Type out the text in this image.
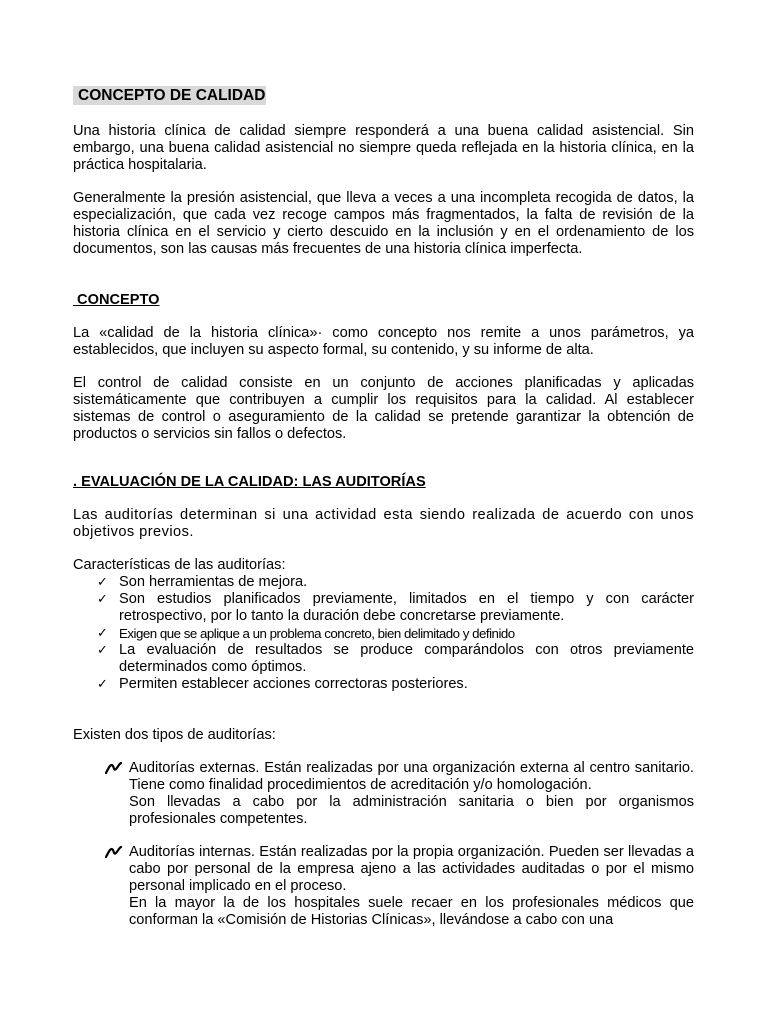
CONCEPTO DE CALIDAD

Una historia clínica de calidad siempre responderá a una buena calidad asistencial. Sin embargo, una buena calidad asistencial no siempre queda reflejada en la historia clínica, en la práctica hospitalaria.

Generalmente la presión asistencial, que lleva a veces a una incompleta recogida de datos, la especialización, que cada vez recoge campos más fragmentados, la falta de revisión de la historia clínica en el servicio y cierto descuido en la inclusión y en el ordenamiento de los documentos, son las causas más frecuentes de una historia clínica imperfecta.

CONCEPTO

La «calidad de la historia clínica»· como concepto nos remite a unos parámetros, ya establecidos, que incluyen su aspecto formal, su contenido, y su informe de alta.

El control de calidad consiste en un conjunto de acciones planificadas y aplicadas sistemáticamente que contribuyen a cumplir los requisitos para la calidad. Al establecer sistemas de control o aseguramiento de la calidad se pretende garantizar la obtención de productos o servicios sin fallos o defectos.

. EVALUACIÓN DE LA CALIDAD: LAS AUDITORÍAS

Las auditorías determinan si una actividad esta siendo realizada de acuerdo con unos objetivos previos.

Características de las auditorías:

✓ Son herramientas de mejora.
✓ Son estudios planificados previamente, limitados en el tiempo y con carácter retrospectivo, por lo tanto la duración debe concretarse previamente.
✓ Exigen que se aplique a un problema concreto, bien delimitado y definido
✓ La evaluación de resultados se produce comparándolos con otros previamente determinados como óptimos.
✓ Permiten establecer acciones correctoras posteriores.

Existen dos tipos de auditorías:

Auditorías externas. Están realizadas por una organización externa al centro sanitario. Tiene como finalidad procedimientos de acreditación y/o homologación.

Son llevadas a cabo por la administración sanitaria o bien por organismos profesionales competentes.

Auditorías internas. Están realizadas por la propia organización. Pueden ser llevadas a cabo por personal de la empresa ajeno a las actividades auditadas o por el mismo personal implicado en el proceso.

En la mayor la de los hospitales suele recaer en los profesionales médicos que conforman la «Comisión de Historias Clínicas», llevándose a cabo con una
